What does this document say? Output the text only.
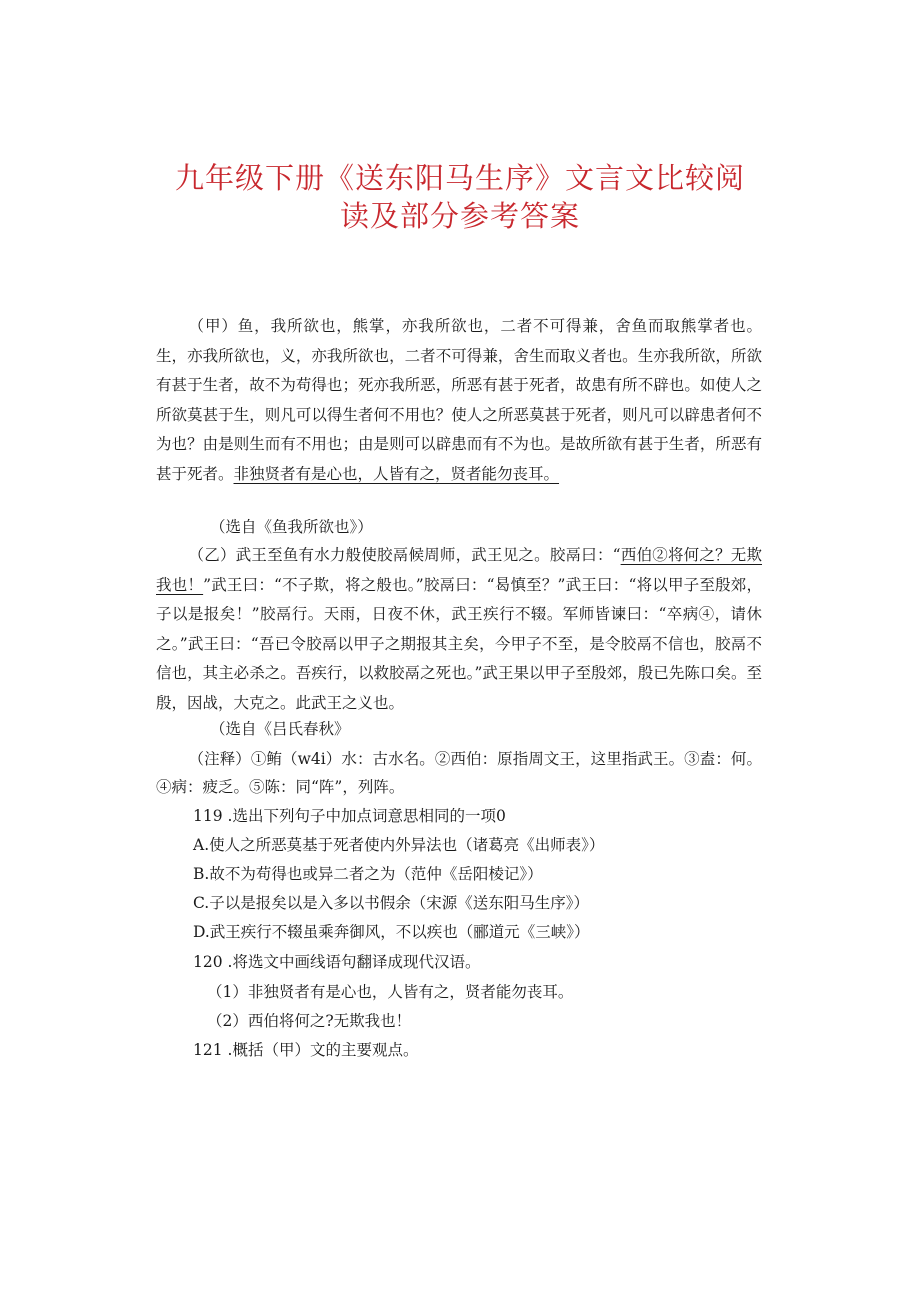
九年级下册《送东阳马生序》文言文比较阅
读及部分参考答案

（甲）鱼，我所欲也，熊掌，亦我所欲也，二者不可得兼，舍鱼而取熊掌者也。生，亦我所欲也，义，亦我所欲也，二者不可得兼，舍生而取义者也。生亦我所欲，所欲有甚于生者，故不为苟得也；死亦我所恶，所恶有甚于死者，故患有所不辟也。如使人之所欲莫甚于生，则凡可以得生者何不用也？使人之所恶莫甚于死者，则凡可以辟患者何不为也？由是则生而有不用也；由是则可以辟患而有不为也。是故所欲有甚于生者，所恶有甚于死者。非独贤者有是心也，人皆有之，贤者能勿丧耳。

（选自《鱼我所欲也》）

（乙）武王至鱼有水力般使胶鬲候周师，武王见之。胶鬲曰：“西伯②将何之？无欺我也！”武王曰：“不子欺，将之般也。”胶鬲曰：“曷慎至？”武王曰：“将以甲子至殷郊，子以是报矣！”胶鬲行。天雨，日夜不休，武王疾行不辍。军师皆谏曰：“卒病④，请休之。”武王曰：“吾已令胶鬲以甲子之期报其主矣，今甲子不至，是令胶鬲不信也，胶鬲不信也，其主必杀之。吾疾行，以救胶鬲之死也。”武王果以甲子至殷郊，殷已先陈口矣。至殷，因战，大克之。此武王之义也。

（选自《吕氏春秋》

（注释）①鲔（w4i）水：古水名。②西伯：原指周文王，这里指武王。③盍：何。④病：疲乏。⑤陈：同“阵”，列阵。

119 .选出下列句子中加点词意思相同的一项0
A.使人之所恶莫基于死者使内外异法也（诸葛亮《出师表》）
B.故不为苟得也或异二者之为（范仲《岳阳棱记》）
C.子以是报矣以是入多以书假余（宋源《送东阳马生序》）
D.武王疾行不辍虽乘奔御风，不以疾也（郦道元《三峡》）
120 .将选文中画线语句翻译成现代汉语。
（1）非独贤者有是心也，人皆有之，贤者能勿丧耳。
（2）西伯将何之?无欺我也！
121 .概括（甲）文的主要观点。
